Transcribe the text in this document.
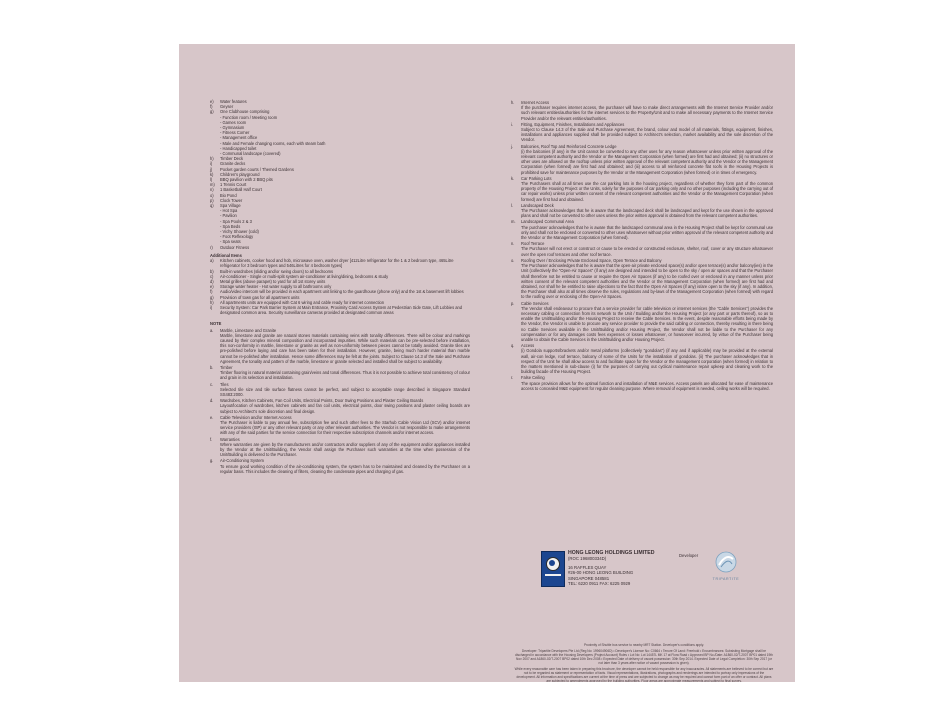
e)	Water features
f)	Geyser
g)	One Clubhouse comprising
- Function room / Meeting room
- Games room
- Gymnasium
- Fitness Corner
- Management office
- Male and Female changing rooms, each with steam bath
- Handicapped toilet
- Communal landscape (covered)
h)	Timber Deck
i)	Granite decks
j)	Pocket garden courts / Themed Gardens
k)	Children's playground
l)	BBQ pavilion with 2 BBQ pits
m)	1 Tennis Court
n)	1 Basketball Half Court
o)	Bio Pond
p)	Clock Tower
q)	Spa Village
- Hot Spa
- Pavilion
- Spa Pools 2 & 3
- Spa Beds
- Vichy Shower (cold)
- Foot Reflexology
- Spa seats
r)	Outdoor Fitness
Additional Items
a)	Kitchen cabinets, cooker hood and hob, microwave oven, washer dryer [412Litre refrigerator for the 1 & 2 bedroom type, 465Litre refrigerator for 3 bedroom types and 546Litres for 4 bedroom types]
b)	Built-in wardrobes (sliding and/or swing doors) to all bedrooms
c)	Air-conditioner - Single or multi-split system air-conditioner at living/dining, bedrooms & study
d)	Metal grilles (above parapet) to yard for all 1st storey units
e)	Storage water heater - Hot water supply to all bathrooms only
f)	Audio/video intercom will be provided in each apartment unit linking to the guardhouse (phone only) and the 1st & basement lift lobbies
g)	Provision of town gas for all apartment units
h)	All apartments units are equipped with Cat 6 wiring and cable ready for internet connection
i)	Security System: Car Park Barrier System at Main Entrance, Proximity Card Access System at Pedestrian Side Gate, Lift Lobbies and designated common area. Security surveillance cameras provided at designated common areas
NOTE
a.	Marble, Limestone and Granite
Marble, limestone and granite are natural stones materials containing veins with tonality differences. There will be colour and markings caused by their complex mineral composition and incorporated impurities. While such materials can be pre-selected before installation, this non-conformity in marble, limestone or granite as well as non-uniformity between pieces cannot be totally avoided. Granite tiles are pre-polished before laying and care has been taken for their installation. However, granite, being much harder material than marble cannot be re-polished after installation. Hence some differences may be felt at the joints. Subject to Clause 14.3 of the Sale and Purchase Agreement, the tonality and pattern of the marble, limestone or granite selected and installed shall be subject to availability.
b.	Timber
Timber flooring is natural material containing grain/veins and tonal differences. Thus it is not possible to achieve total consistency of colour and grain in its selection and installation.
c.	Tiles
Selected tile size and tile surface flatness cannot be perfect, and subject to acceptable range described in Singapore Standard SS483:2000.
d.	Wardrobes, Kitchen Cabinets, Fan Coil Units, Electrical Points, Door Swing Positions and Plaster Ceiling Boards
Layout/location of wardrobes, kitchen cabinets and fan coil units, electrical points, door swing positions and plaster ceiling boards are subject to Architect's sole discretion and final design.
e.	Cable Television and/or Internet Access
The Purchaser is liable to pay annual fee, subscription fee and such other fees to the Starhub Cable Vision Ltd (SCV) and/or internet service providers (ISP) or any other relevant party or any other relevant authorities. The Vendor is not responsible to make arrangements with any of the said parties for the service connection for their respective subscription channels and/or internet access.
f.	Warranties
Where warranties are given by the manufacturers and/or contractors and/or suppliers of any of the equipment and/or appliances installed by the Vendor at the Unit/Building, the Vendor shall assign the Purchaser such warranties at the time when possession of the Unit/Building is delivered to the Purchaser.
g.	Air-Conditioning System
To ensure good working condition of the air-conditioning system, the system has to be maintained and cleaned by the Purchaser on a regular basis. This includes the cleaning of filters, cleaning the condensate pipes and charging of gas.
h.	Internet Access
If the purchaser requires internet access, the purchaser will have to make direct arrangements with the Internet Service Provider and/or such relevant entities/authorities for the internet services to the Property/Unit and to make all necessary payments to the Internet Service Provider and/or the relevant entities/authorities.
i.	Fitting, Equipment, Finishes, Installations and Appliances
Subject to Clause 14.3 of the Sale and Purchase Agreement, the brand, colour and model of all materials, fittings, equipment, finishes, installations and appliances supplied shall be provided subject to Architect's selection, market availability and the sole discretion of the Vendor.
j.	Balconies, Roof Top and Reinforced Concrete Ledge
(i) the balconies (if any) in the Unit cannot be converted to any other uses for any reason whatsoever unless prior written approval of the relevant competent authority and the Vendor or the Management Corporation (when formed) are first had and obtained; (ii) no structures or other uses are allowed on the rooftop unless prior written approval of the relevant competent authority and the Vendor or the Management Corporation (when formed) are first had and obtained; and (iii) access to all reinforced concrete flat roofs in the Housing Projects is prohibited save for maintenance purposes by the Vendor or the Management Corporation (when formed) or in times of emergency.
k.	Car Parking Lots
The Purchasers shall at all times use the car parking lots in the housing project, regardless of whether they form part of the common property of the Housing Project or the Units, solely for the purposes of car parking only and no other purposes (including the carrying out of car repair works) unless prior written consent of the relevant competent authorities and the Vendor or the Management Corporation (when formed) are first had and obtained.
l.	Landscaped Deck
The Purchaser acknowledges that he is aware that the landscaped deck shall be landscaped and kept for the use shown in the approved plans and shall not be converted to other uses unless the prior written approval is obtained from the relevant competent authorities.
m.	Landscaped Communal Area
The purchaser acknowledges that he is aware that the landscaped communal area in the Housing Project shall be kept for communal use only and shall not be enclosed or converted to other uses whatsoever without prior written approval of the relevant competent authority and the Vendor or the Management Corporation (when formed).
n.	Roof Terrace
The Purchaser will not erect or construct or cause to be erected or constructed enclosure, shelter, roof, cover or any structure whatsoever over the open roof terraces and other roof terrace.
o.	Roofing Over / Enclosing Private Enclosed Space, Open Terrace and Balcony
The Purchaser acknowledges that he is aware that the open-air private enclosed space(s) and/or open terrace(s) and/or balcony(ies) in the Unit (collectively the "Open-Air Spaces" (if any) are designed and intended to be open to the sky / open air spaces and that the Purchaser shall therefore not be entitled to cause or require the Open Air Spaces (if any) to be roofed over or enclosed in any manner unless prior written consent of the relevant competent authorities and the Vendor or the Management Corporation (when formed) are first had and obtained, nor shall he be entitled to raise objections to the fact that the Open Air Spaces (if any) is/are open to the sky (if any). In addition, the Purchaser shall also at all times observe the rules, regulations and by-laws of the Management Corporation (when formed) with regard to the roofing over or enclosing of the Open-Air Spaces.
p.	Cable Services
The Vendor shall endeavour to procure that a service provider for cable television or internet services (the "Cable Services") provides the necessary cabling or connection from its network to the Unit / Building and/or the Housing Project (or any part or parts thereof), so as to enable the Unit/Building and/or the Housing Project to receive the Cable Services. In the event, despite reasonable efforts being made by the Vendor, the Vendor is unable to procure any service provider to provide the said cabling or connection, thereby resulting in there being no Cable Services available in the Unit/Building and/or Housing Project, the Vendor shall not be liable to the Purchaser for any compensation or for any damages costs fees expenses or losses whatsoever, or howsoever incurred, by virtue of the Purchaser being unable to obtain the Cable Services in the Unit/Building and/or Housing Project.
q.	Access
(i) Gondola supports/brackets and/or metal platforms (collectively "gondolas") (if any and if applicable) may be provided at the external wall, air-con ledge, roof terrace, balcony of some of the Units for the installation of gondolas. (ii) The purchaser acknowledges that in respect of the Unit he shall allow access to and facilitate space for the Vendor or the management corporation (when formed) in relation to the matters mentioned in sub-clause (i) for the purposes of carrying out cyclical maintenance repair upkeep and cleaning work to the building facade of the Housing Project.
r.	False Ceiling
The space provision allows for the optimal function and installation of M&E services. Access panels are allocated for ease of maintenance access to concealed M&E equipment for regular cleaning purpose. Where removal of equipment is needed, ceiling works will be required.
HONG LEONG HOLDINGS LIMITED
(ROC 196800334D)
16 RAFFLES QUAY
#26-00 HONG LEONG BUILDING
SINGAPORE 048581
TEL: 6220 0911 FAX: 6225 0929
Developer
TRIPARTITE

Proximity of Shuttle bus service to nearby MRT Station. Developer's conditions apply.

Developer: Tripartite Developers Pte Ltd (Reg No: 199604906D) • Developer's Licence No: C0664 • Tenure Of Land: Freehold • Encumbrances: Subsisting Mortgage shall be discharged in accordance with the Housing Developers (Project Account) Rules • Lot No: Lot 14457L MK 17 at Flora Road • Approved BP No./Date: A1860-02/T-2007 BP01 dated 19th Nov 2007 and A1860-02/T-2007 BP02 dated 10th Dec 2008 • Expected Date of delivery of vacant possession: 30th Sep 2014. Expected Date of Legal Completion: 30th Sep 2017 (or not later than 3 years after notice of vacant possession is given).

While every reasonable care has been taken in preparing this brochure, the developer cannot be held responsible for any inaccuracies. All statements are believed to be correct but are not to be regarded as statement or representation of facts. Visual representations, illustrations, photographs and renderings are intended to portray only impressions of the development. All information and specifications are current at the time of press and are subjected to change as may be required and cannot form part of an offer or contract. All plans are subjected to amendments approved by the building authorities. Floor areas are approximate measurements and subject to final survey.
